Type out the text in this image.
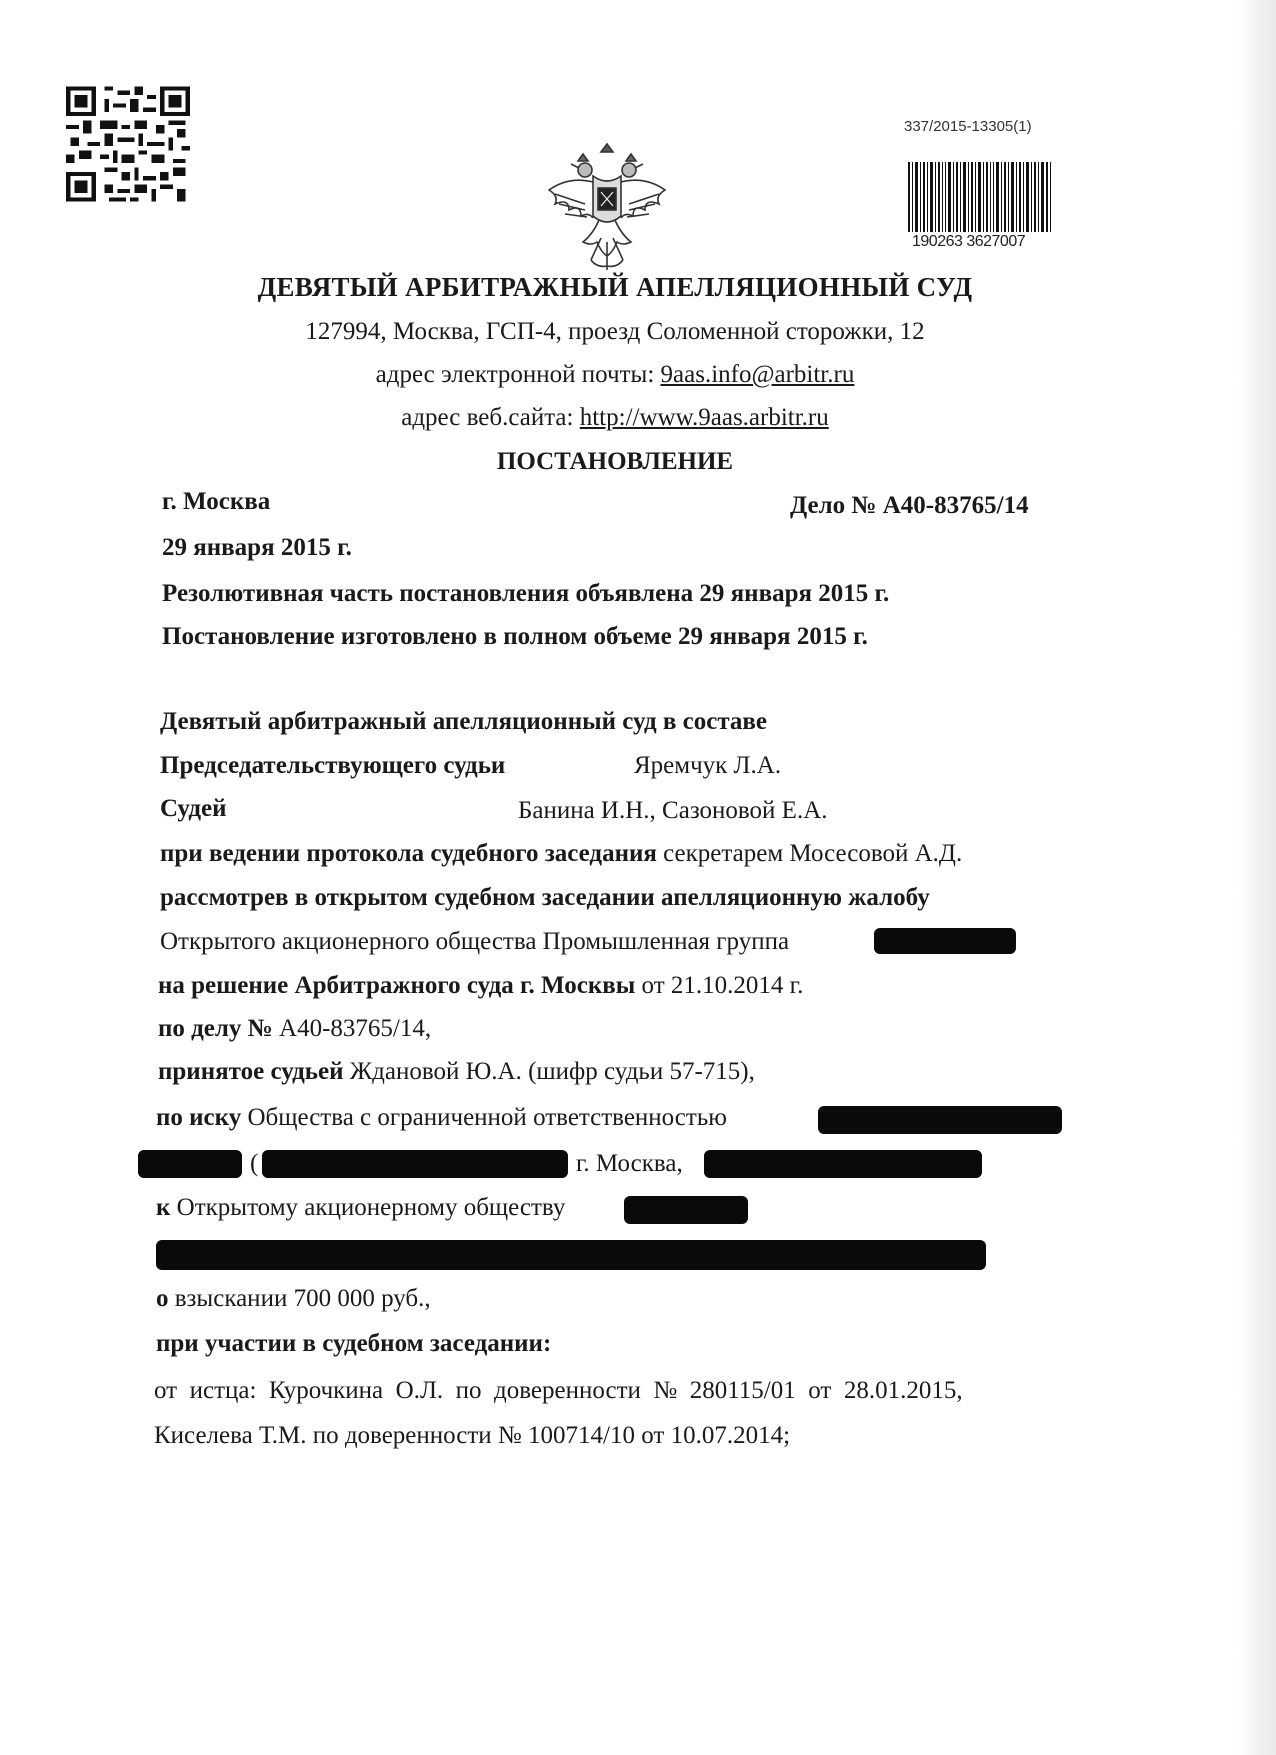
337/2015-13305(1)
190263 3627007
ДЕВЯТЫЙ АРБИТРАЖНЫЙ АПЕЛЛЯЦИОННЫЙ СУД
127994, Москва, ГСП-4, проезд Соломенной сторожки, 12
адрес электронной почты: 9aas.info@arbitr.ru
адрес веб.сайта: http://www.9aas.arbitr.ru
ПОСТАНОВЛЕНИЕ
г. Москва	Дело № А40-83765/14
29 января 2015 г.
Резолютивная часть постановления объявлена 29 января 2015 г.
Постановление изготовлено в полном объеме 29 января 2015 г.
Девятый арбитражный апелляционный суд в составе
Председательствующего судьи	Яремчук Л.А.
Судей	Банина И.Н., Сазоновой Е.А.
при ведении протокола судебного заседания секретарем Мосесовой А.Д.
рассмотрев в открытом судебном заседании апелляционную жалобу
Открытого акционерного общества Промышленная группа
на решение Арбитражного суда г. Москвы от 21.10.2014 г.
по делу № А40-83765/14,
принятое судьей Ждановой Ю.А. (шифр судьи 57-715),
по иску Общества с ограниченной ответственностью
(	г. Москва,
к Открытому акционерному обществу
о взыскании 700 000 руб.,
при участии в судебном заседании:
от  истца:  Курочкина  О.Л.  по  доверенности  №  280115/01  от  28.01.2015,
Киселева Т.М. по доверенности № 100714/10 от 10.07.2014;
